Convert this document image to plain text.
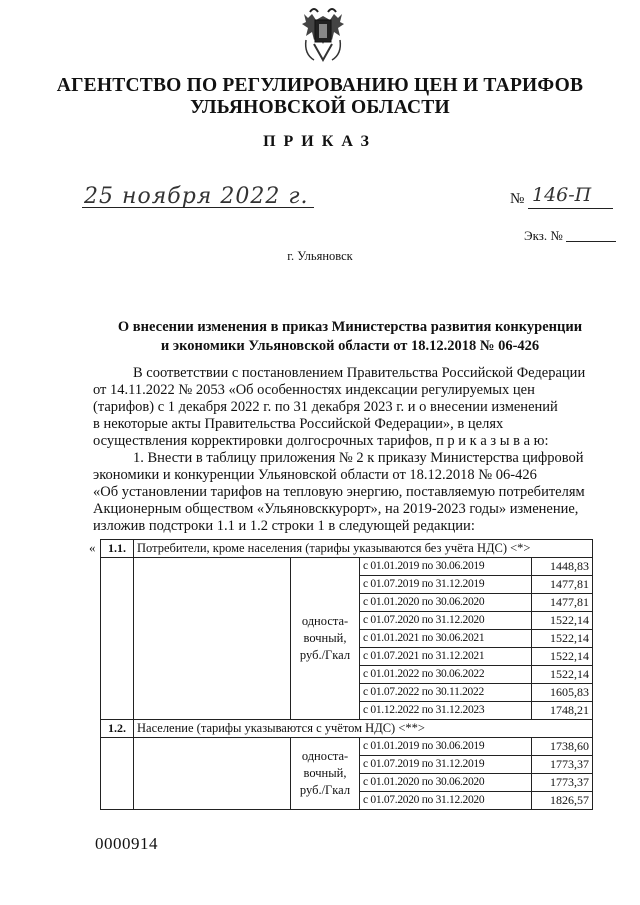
АГЕНТСТВО ПО РЕГУЛИРОВАНИЮ ЦЕН И ТАРИФОВ
УЛЬЯНОВСКОЙ ОБЛАСТИ
ПРИКАЗ
25 ноября 2022 г.	№ 146-П
Экз. №
г. Ульяновск
О внесении изменения в приказ Министерства развития конкуренции
и экономики Ульяновской области от 18.12.2018 № 06-426
В соответствии с постановлением Правительства Российской Федерации
от 14.11.2022 № 2053 «Об особенностях индексации регулируемых цен
(тарифов) с 1 декабря 2022 г. по 31 декабря 2023 г. и о внесении изменений
в некоторые акты Правительства Российской Федерации», в целях
осуществления корректировки долгосрочных тарифов, п р и к а з ы в а ю:
1. Внести в таблицу приложения № 2 к приказу Министерства цифровой
экономики и конкуренции Ульяновской области от 18.12.2018 № 06-426
«Об установлении тарифов на тепловую энергию, поставляемую потребителям
Акционерным обществом «Ульяновсккурорт», на 2019-2023 годы» изменение,
изложив подстроки 1.1 и 1.2 строки 1 в следующей редакции:
« 1.1.	Потребители, кроме населения (тарифы указываются без учёта НДС) <*>			

		односта-
вочный,
руб./Гкал	с 01.01.2019 по 30.06.2019	1448,83
			с 01.07.2019 по 31.12.2019	1477,81
			с 01.01.2020 по 30.06.2020	1477,81
			с 01.07.2020 по 31.12.2020	1522,14
			с 01.01.2021 по 30.06.2021	1522,14
			с 01.07.2021 по 31.12.2021	1522,14
			с 01.01.2022 по 30.06.2022	1522,14
			с 01.07.2022 по 30.11.2022	1605,83
			с 01.12.2022 по 31.12.2023	1748,21
1.2.	Население (тарифы указываются с учётом НДС) <**>			

		односта-
вочный,
руб./Гкал	с 01.01.2019 по 30.06.2019	1738,60
			с 01.07.2019 по 31.12.2019	1773,37
			с 01.01.2020 по 30.06.2020	1773,37
			с 01.07.2020 по 31.12.2020	1826,57
0000914
